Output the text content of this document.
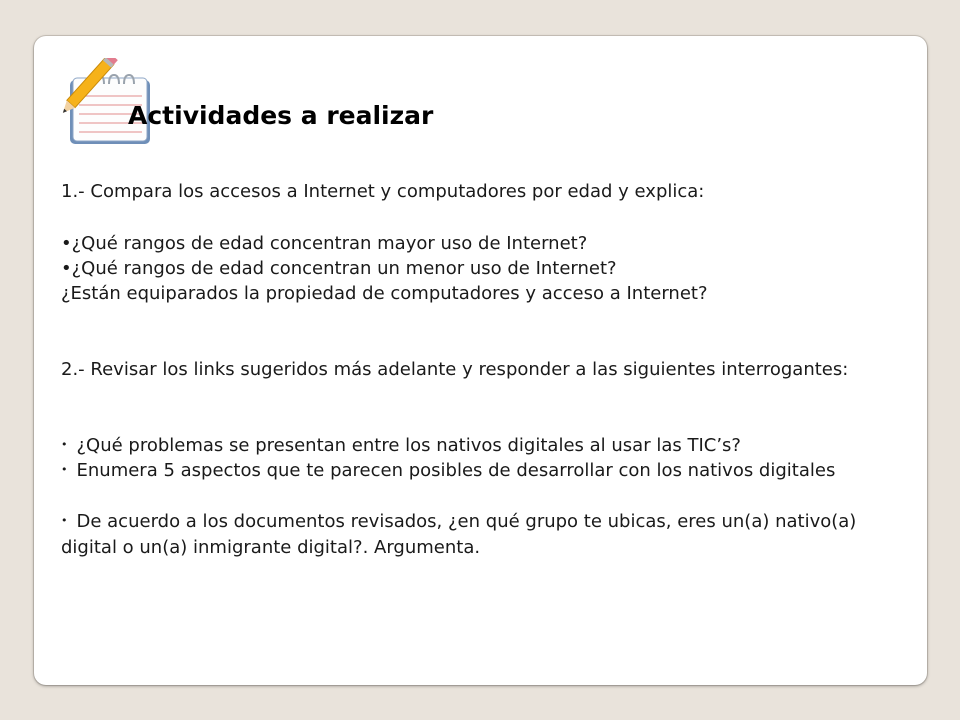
Actividades a realizar

1.- Compara los accesos a Internet y computadores por edad y explica:

•¿Qué rangos de edad concentran mayor uso de Internet?

•¿Qué rangos de edad concentran un menor uso de Internet?

¿Están equiparados la propiedad de computadores y acceso a Internet?

2.- Revisar los links sugeridos más adelante y responder a las siguientes interrogantes:

• ¿Qué problemas se presentan entre los nativos digitales al usar las TIC’s?

• Enumera 5 aspectos que te parecen posibles de desarrollar con los nativos digitales

• De acuerdo a los documentos revisados, ¿en qué grupo te ubicas, eres un(a) nativo(a) digital o un(a) inmigrante digital?. Argumenta.
